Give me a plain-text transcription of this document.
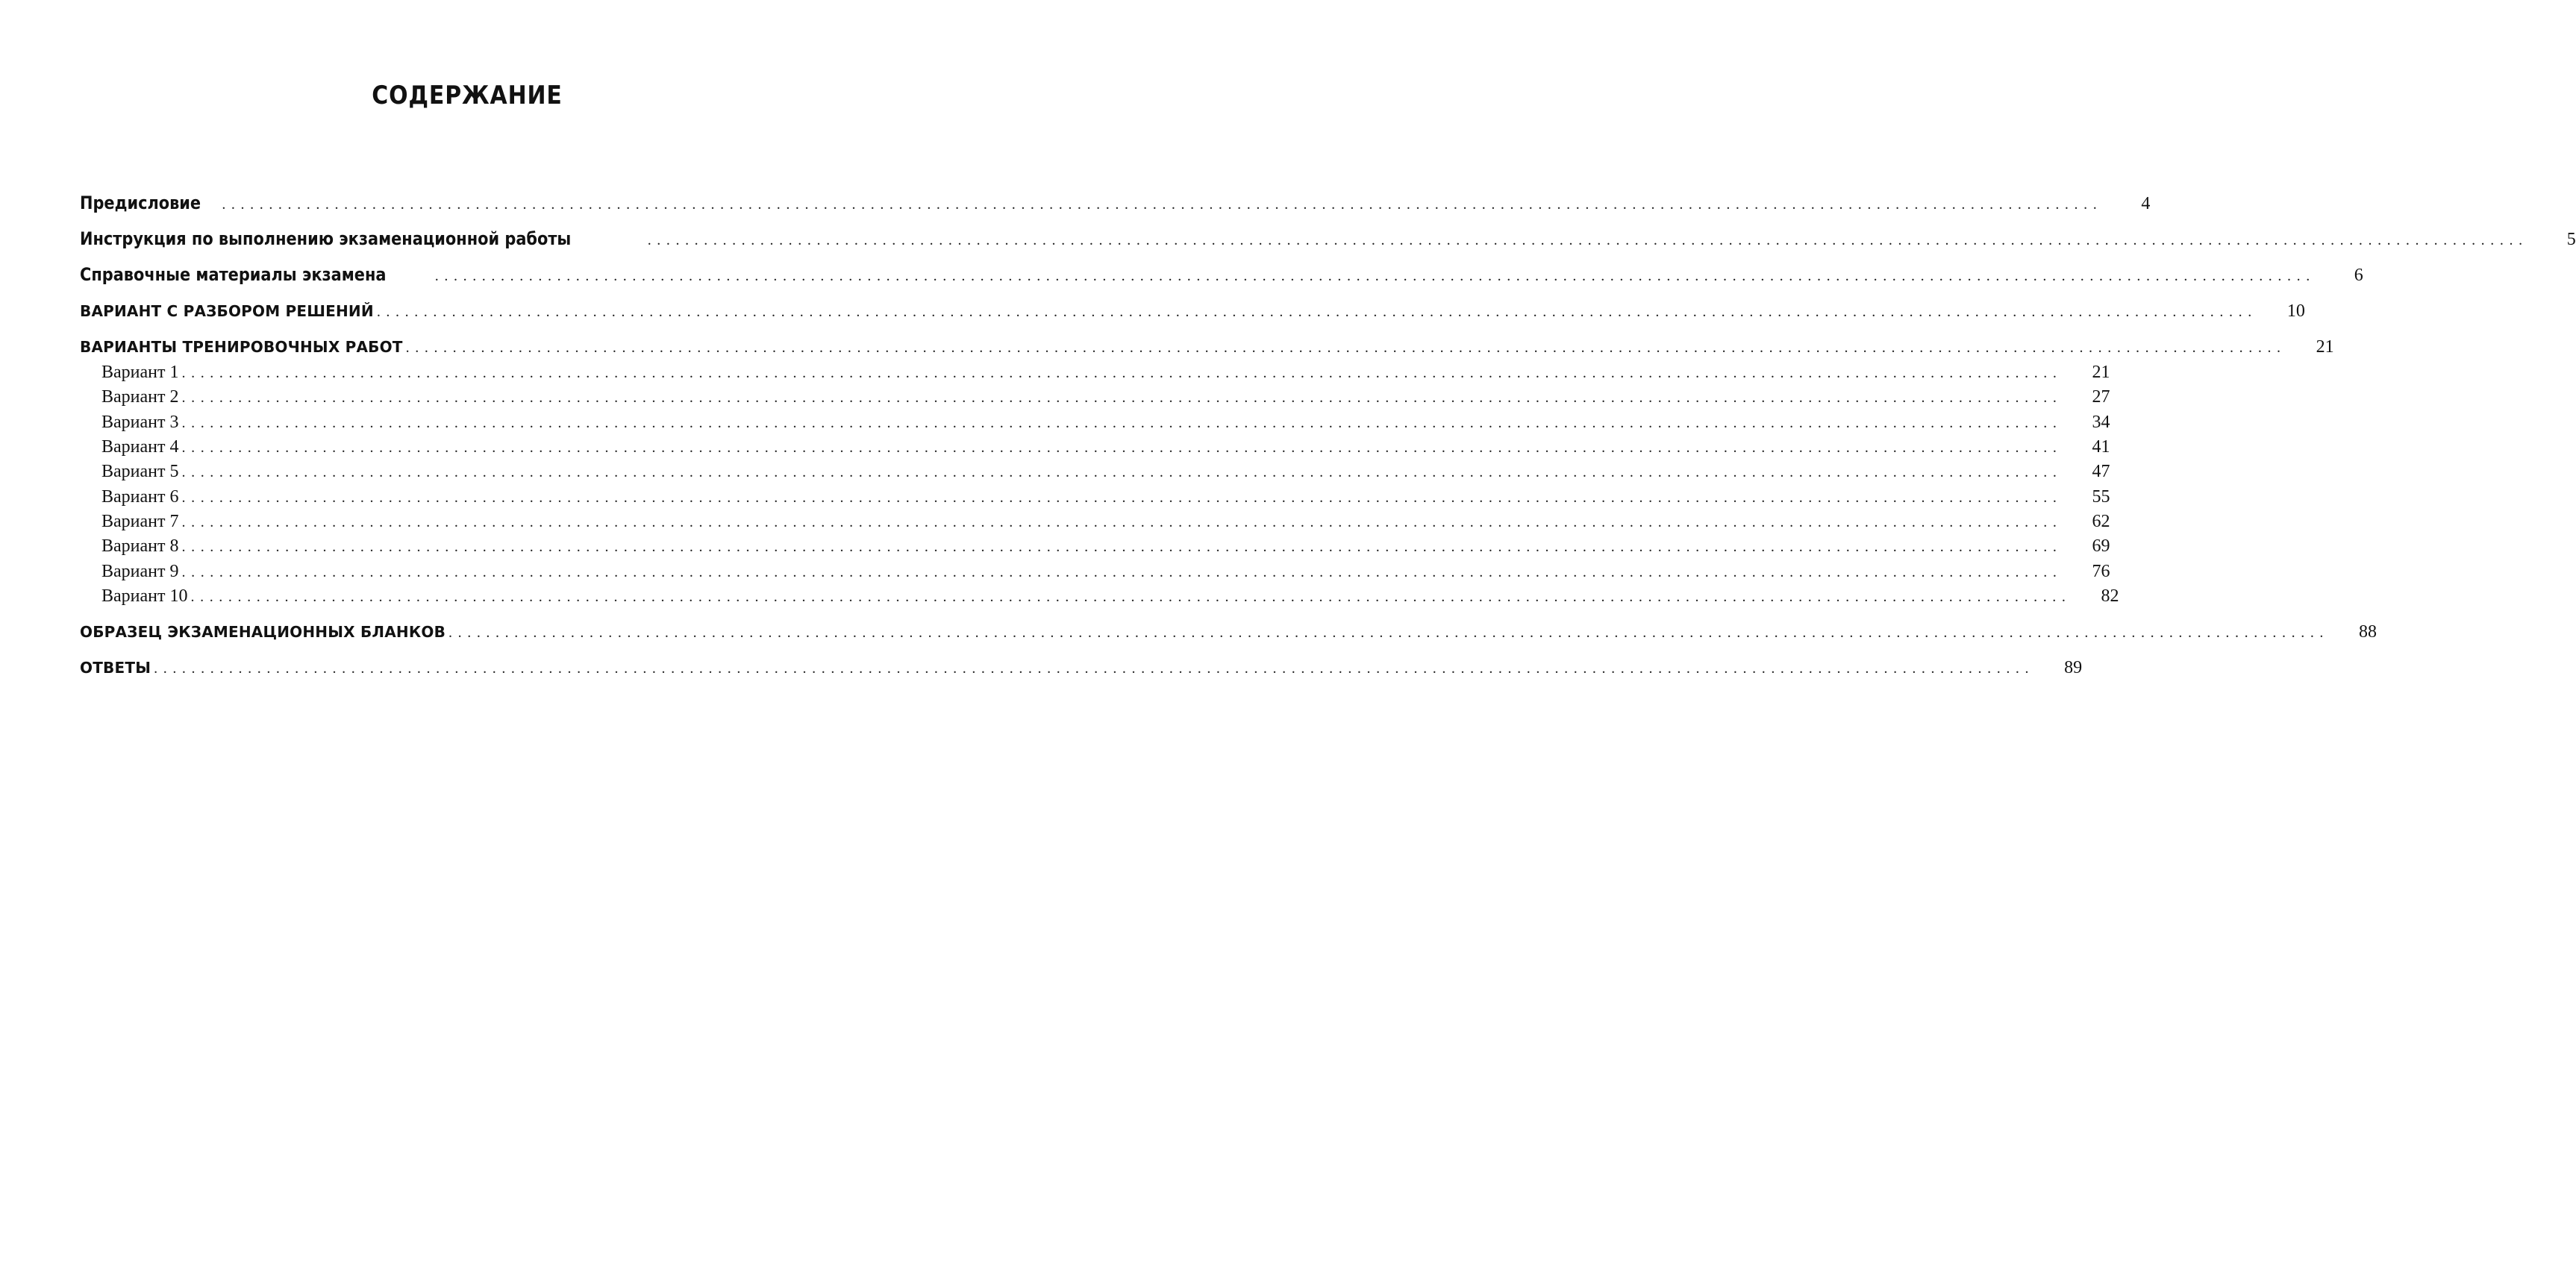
СОДЕРЖАНИЕ
Предисловие ........................................................................................................................................................................................................	4
Инструкция по выполнению экзаменационной работы	........................................................................................................................................................................................................	5
Справочные материалы экзамена	........................................................................................................................................................................................................	6
ВАРИАНТ С РАЗБОРОМ РЕШЕНИЙ ........................................................................................................................................................................................................	10
ВАРИАНТЫ ТРЕНИРОВОЧНЫХ РАБОТ ........................................................................................................................................................................................................	21
Вариант 1 ........................................................................................................................................................................................................	21
Вариант 2 ........................................................................................................................................................................................................	27
Вариант 3 ........................................................................................................................................................................................................	34
Вариант 4 ........................................................................................................................................................................................................	41
Вариант 5 ........................................................................................................................................................................................................	47
Вариант 6 ........................................................................................................................................................................................................	55
Вариант 7 ........................................................................................................................................................................................................	62
Вариант 8 ........................................................................................................................................................................................................	69
Вариант 9 ........................................................................................................................................................................................................	76
Вариант 10 ........................................................................................................................................................................................................	82
ОБРАЗЕЦ ЭКЗАМЕНАЦИОННЫХ БЛАНКОВ ........................................................................................................................................................................................................	88
ОТВЕТЫ ........................................................................................................................................................................................................	89
